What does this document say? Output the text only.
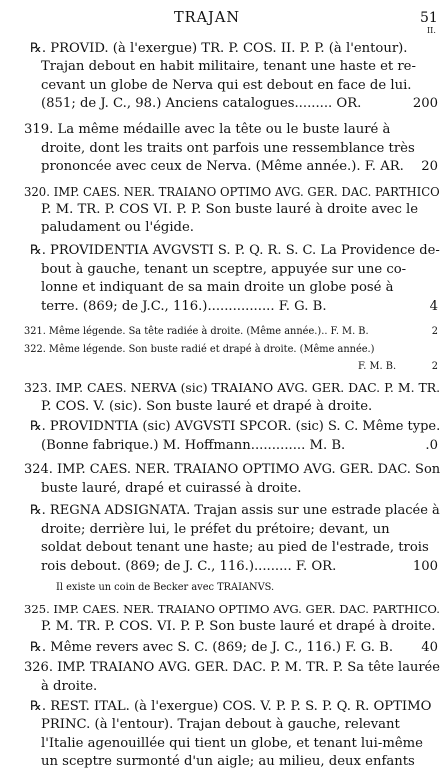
TRAJAN	51
II.
℞. PROVID. (à l'exergue) TR. P. COS. II. P. P. (à l'entour).
Trajan debout en habit militaire, tenant une haste et re-
cevant un globe de Nerva qui est debout en face de lui.
(851; de J. C., 98.) Anciens catalogues......... OR.	200
319. La même médaille avec la tête ou le buste lauré à
droite, dont les traits ont parfois une ressemblance très
prononcée avec ceux de Nerva. (Même année.). F. AR. 20
320. IMP. CAES. NER. TRAIANO OPTIMO AVG. GER. DAC. PARTHICO
P. M. TR. P. COS VI. P. P. Son buste lauré à droite avec le
paludament ou l'égide.
℞. PROVIDENTIA AVGVSTI S. P. Q. R. S. C. La Providence de-
bout à gauche, tenant un sceptre, appuyée sur une co-
lonne et indiquant de sa main droite un globe posé à
terre. (869; de J.C., 116.)................ F. G. B.	4
321. Même légende. Sa tête radiée à droite. (Même année.).. F. M. B.	2
322. Même légende. Son buste radié et drapé à droite. (Même année.)
F. M. B.	2
323. IMP. CAES. NERVA (sic) TRAIANO AVG. GER. DAC. P. M. TR.
P. COS. V. (sic). Son buste lauré et drapé à droite.
℞. PROVIDNTIA (sic) AVGVSTI SPCOR. (sic) S. C. Même type.
(Bonne fabrique.) M. Hoffmann............. M. B.	.0
324. IMP. CAES. NER. TRAIANO OPTIMO AVG. GER. DAC. Son
buste lauré, drapé et cuirassé à droite.
℞. REGNA ADSIGNATA. Trajan assis sur une estrade placée à
droite; derrière lui, le préfet du prétoire; devant, un
soldat debout tenant une haste; au pied de l'estrade, trois
rois debout. (869; de J. C., 116.)......... F. OR.	100
Il existe un coin de Becker avec TRAIANVS.
325. IMP. CAES. NER. TRAIANO OPTIMO AVG. GER. DAC. PARTHICO.
P. M. TR. P. COS. VI. P. P. Son buste lauré et drapé à droite.
℞. Même revers avec S. C. (869; de J. C., 116.) F. G. B. 40
326. IMP. TRAIANO AVG. GER. DAC. P. M. TR. P. Sa tête laurée
à droite.
℞. REST. ITAL. (à l'exergue) COS. V. P. P. S. P. Q. R. OPTIMO
PRINC. (à l'entour). Trajan debout à gauche, relevant
l'Italie agenouillée qui tient un globe, et tenant lui-même
un sceptre surmonté d'un aigle; au milieu, deux enfants
